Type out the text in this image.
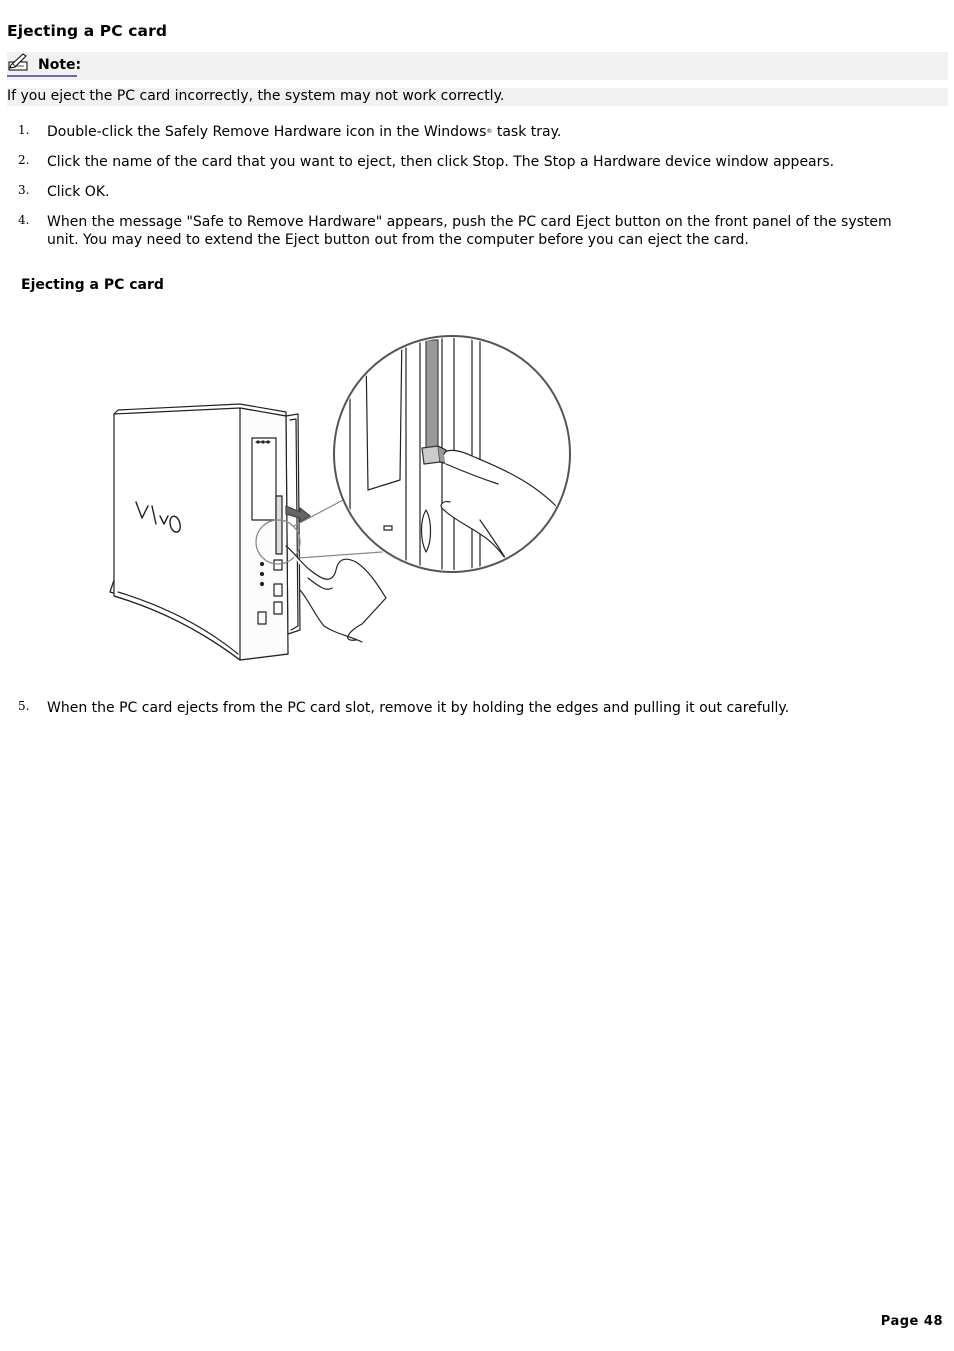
Ejecting a PC card
Note:
If you eject the PC card incorrectly, the system may not work correctly.
1. Double-click the Safely Remove Hardware icon in the Windows® task tray.
2. Click the name of the card that you want to eject, then click Stop. The Stop a Hardware device window appears.
3. Click OK.
4. When the message "Safe to Remove Hardware" appears, push the PC card Eject button on the front panel of the system unit. You may need to extend the Eject button out from the computer before you can eject the card.
Ejecting a PC card
5. When the PC card ejects from the PC card slot, remove it by holding the edges and pulling it out carefully.
Page 48
